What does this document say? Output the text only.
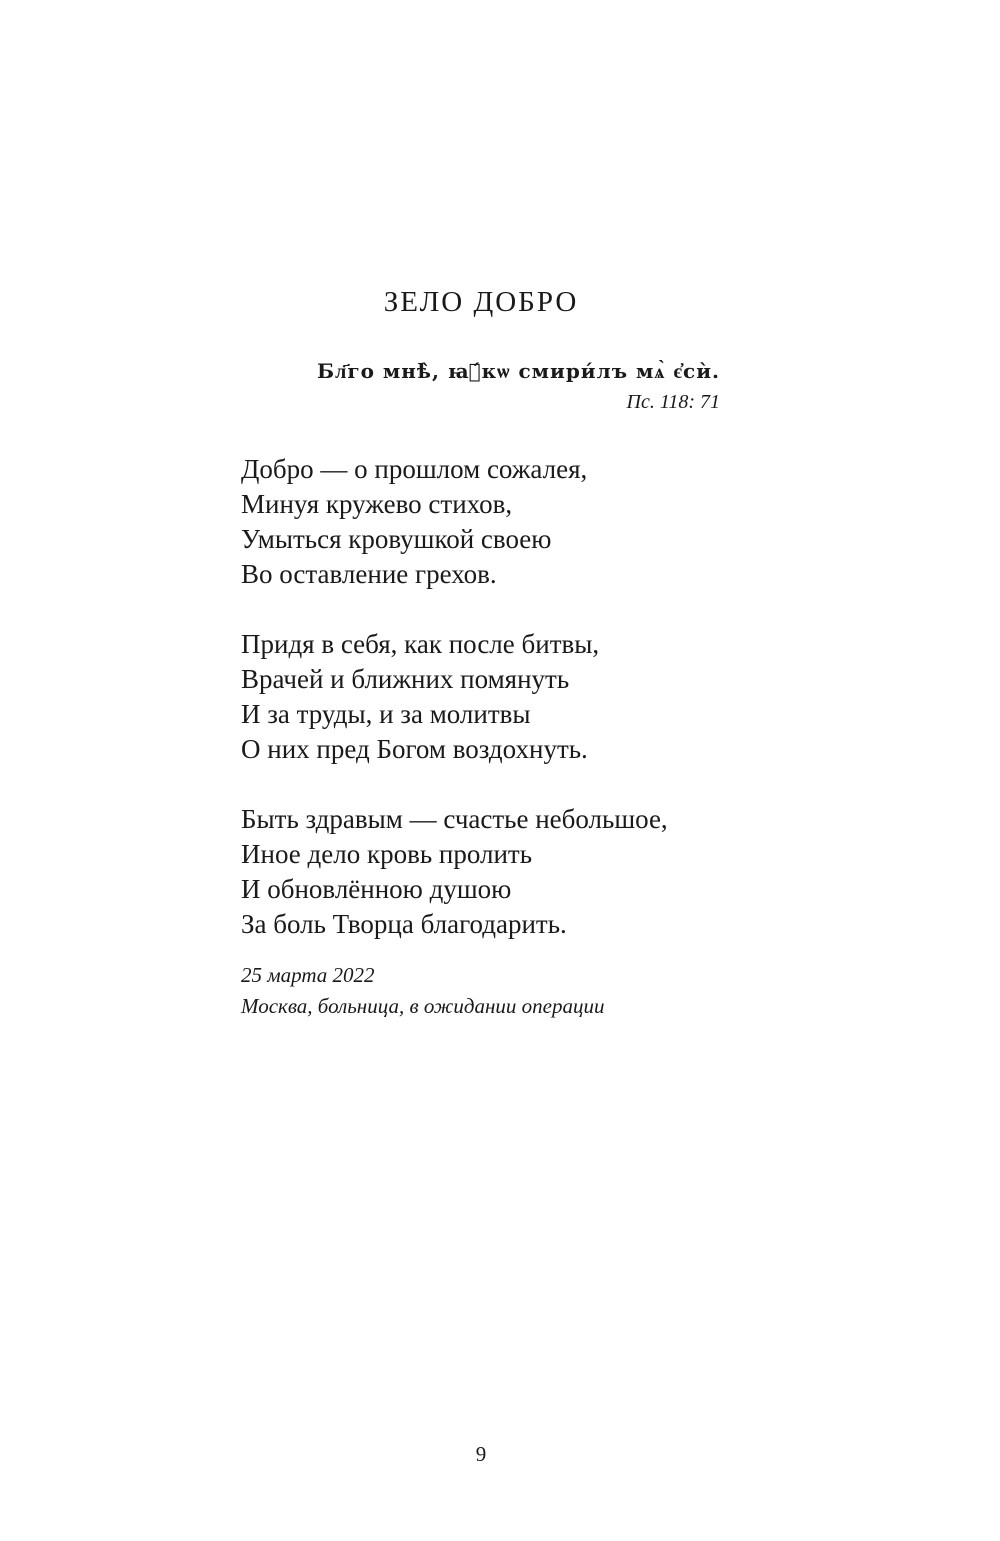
ЗЕЛО ДОБРО
Бл҃го мнѣ̀, ꙗ҆́кѡ смири́лъ мѧ̀ є҆сѝ.
Пс. 118: 71
Добро — о прошлом сожалея,
Минуя кружево стихов,
Умыться кровушкой своею
Во оставление грехов.
Придя в себя, как после битвы,
Врачей и ближних помянуть
И за труды, и за молитвы
О них пред Богом воздохнуть.
Быть здравым — счастье небольшое,
Иное дело кровь пролить
И обновлённою душою
За боль Творца благодарить.
25 марта 2022
Москва, больница, в ожидании операции
9
